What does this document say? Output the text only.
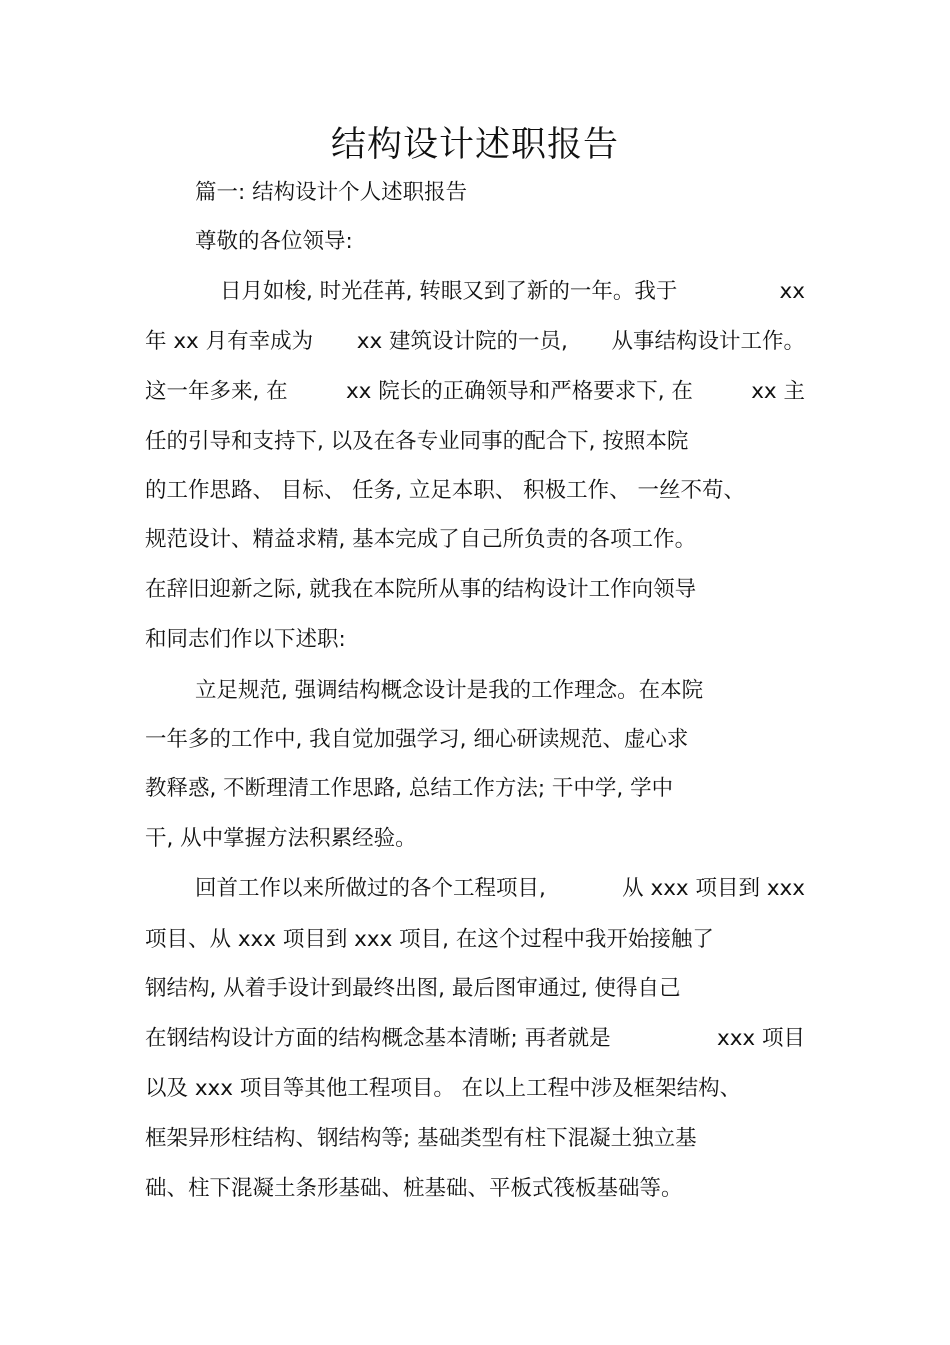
结构设计述职报告
篇一: 结构设计个人述职报告
尊敬的各位领导:
日月如梭, 时光荏苒, 转眼又到了新的一年。我于	xx
年 xx 月有幸成为 xx 建筑设计院的一员, 从事结构设计工作。
这一年多来, 在	xx 院长的正确领导和严格要求下, 在	xx 主
任的引导和支持下, 以及在各专业同事的配合下, 按照本院
的工作思路、 目标、 任务, 立足本职、 积极工作、 一丝不苟、
规范设计、精益求精, 基本完成了自己所负责的各项工作。
在辞旧迎新之际, 就我在本院所从事的结构设计工作向领导
和同志们作以下述职:
立足规范, 强调结构概念设计是我的工作理念。在本院
一年多的工作中, 我自觉加强学习, 细心研读规范、虚心求
教释惑, 不断理清工作思路, 总结工作方法; 干中学, 学中
干, 从中掌握方法积累经验。
回首工作以来所做过的各个工程项目,	从 xxx 项目到 xxx
项目、从 xxx 项目到 xxx 项目, 在这个过程中我开始接触了
钢结构, 从着手设计到最终出图, 最后图审通过, 使得自己
在钢结构设计方面的结构概念基本清晰; 再者就是	xxx 项目
以及 xxx 项目等其他工程项目。 在以上工程中涉及框架结构、
框架异形柱结构、钢结构等; 基础类型有柱下混凝土独立基
础、柱下混凝土条形基础、桩基础、平板式筏板基础等。
